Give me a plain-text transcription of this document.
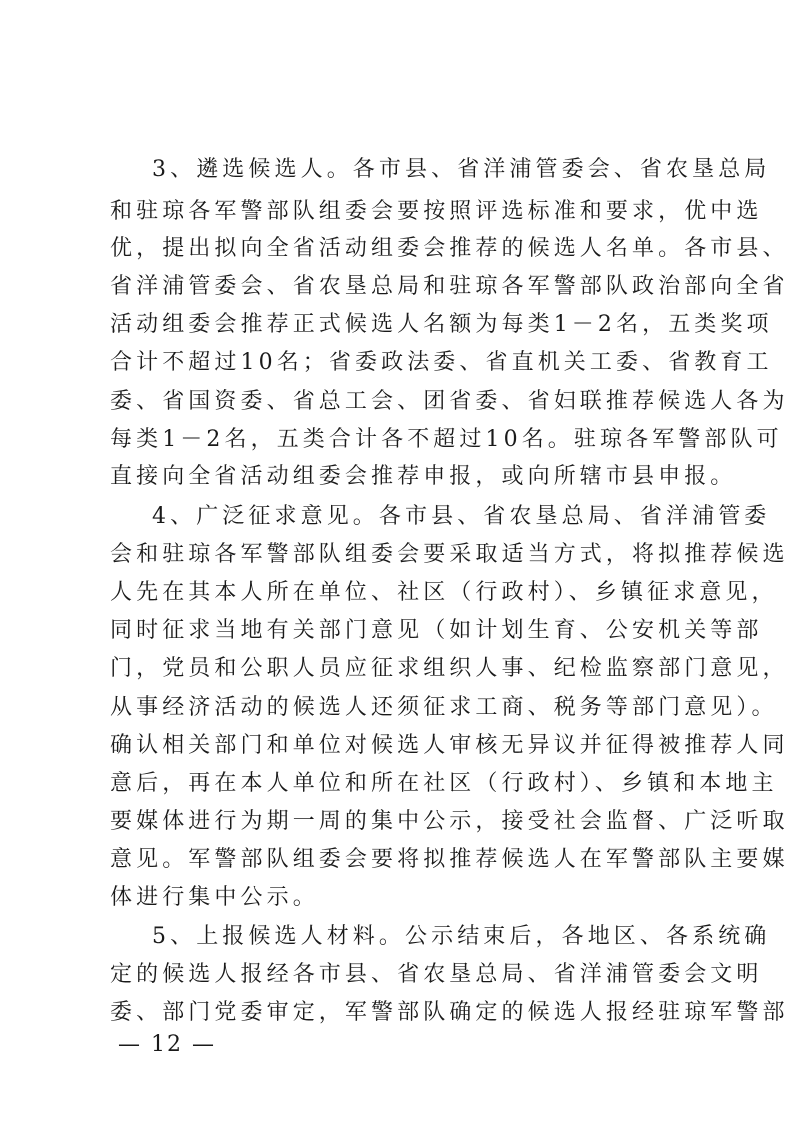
3、遴选候选人。各市县、省洋浦管委会、省农垦总局
和驻琼各军警部队组委会要按照评选标准和要求，优中选
优，提出拟向全省活动组委会推荐的候选人名单。各市县、
省洋浦管委会、省农垦总局和驻琼各军警部队政治部向全省
活动组委会推荐正式候选人名额为每类1－2名，五类奖项
合计不超过10名；省委政法委、省直机关工委、省教育工
委、省国资委、省总工会、团省委、省妇联推荐候选人各为
每类1－2名，五类合计各不超过10名。驻琼各军警部队可
直接向全省活动组委会推荐申报，或向所辖市县申报。
4、广泛征求意见。各市县、省农垦总局、省洋浦管委
会和驻琼各军警部队组委会要采取适当方式，将拟推荐候选
人先在其本人所在单位、社区（行政村）、乡镇征求意见，
同时征求当地有关部门意见（如计划生育、公安机关等部
门，党员和公职人员应征求组织人事、纪检监察部门意见，
从事经济活动的候选人还须征求工商、税务等部门意见）。
确认相关部门和单位对候选人审核无异议并征得被推荐人同
意后，再在本人单位和所在社区（行政村）、乡镇和本地主
要媒体进行为期一周的集中公示，接受社会监督、广泛听取
意见。军警部队组委会要将拟推荐候选人在军警部队主要媒
体进行集中公示。
5、上报候选人材料。公示结束后，各地区、各系统确
定的候选人报经各市县、省农垦总局、省洋浦管委会文明
委、部门党委审定，军警部队确定的候选人报经驻琼军警部
— 12 —
